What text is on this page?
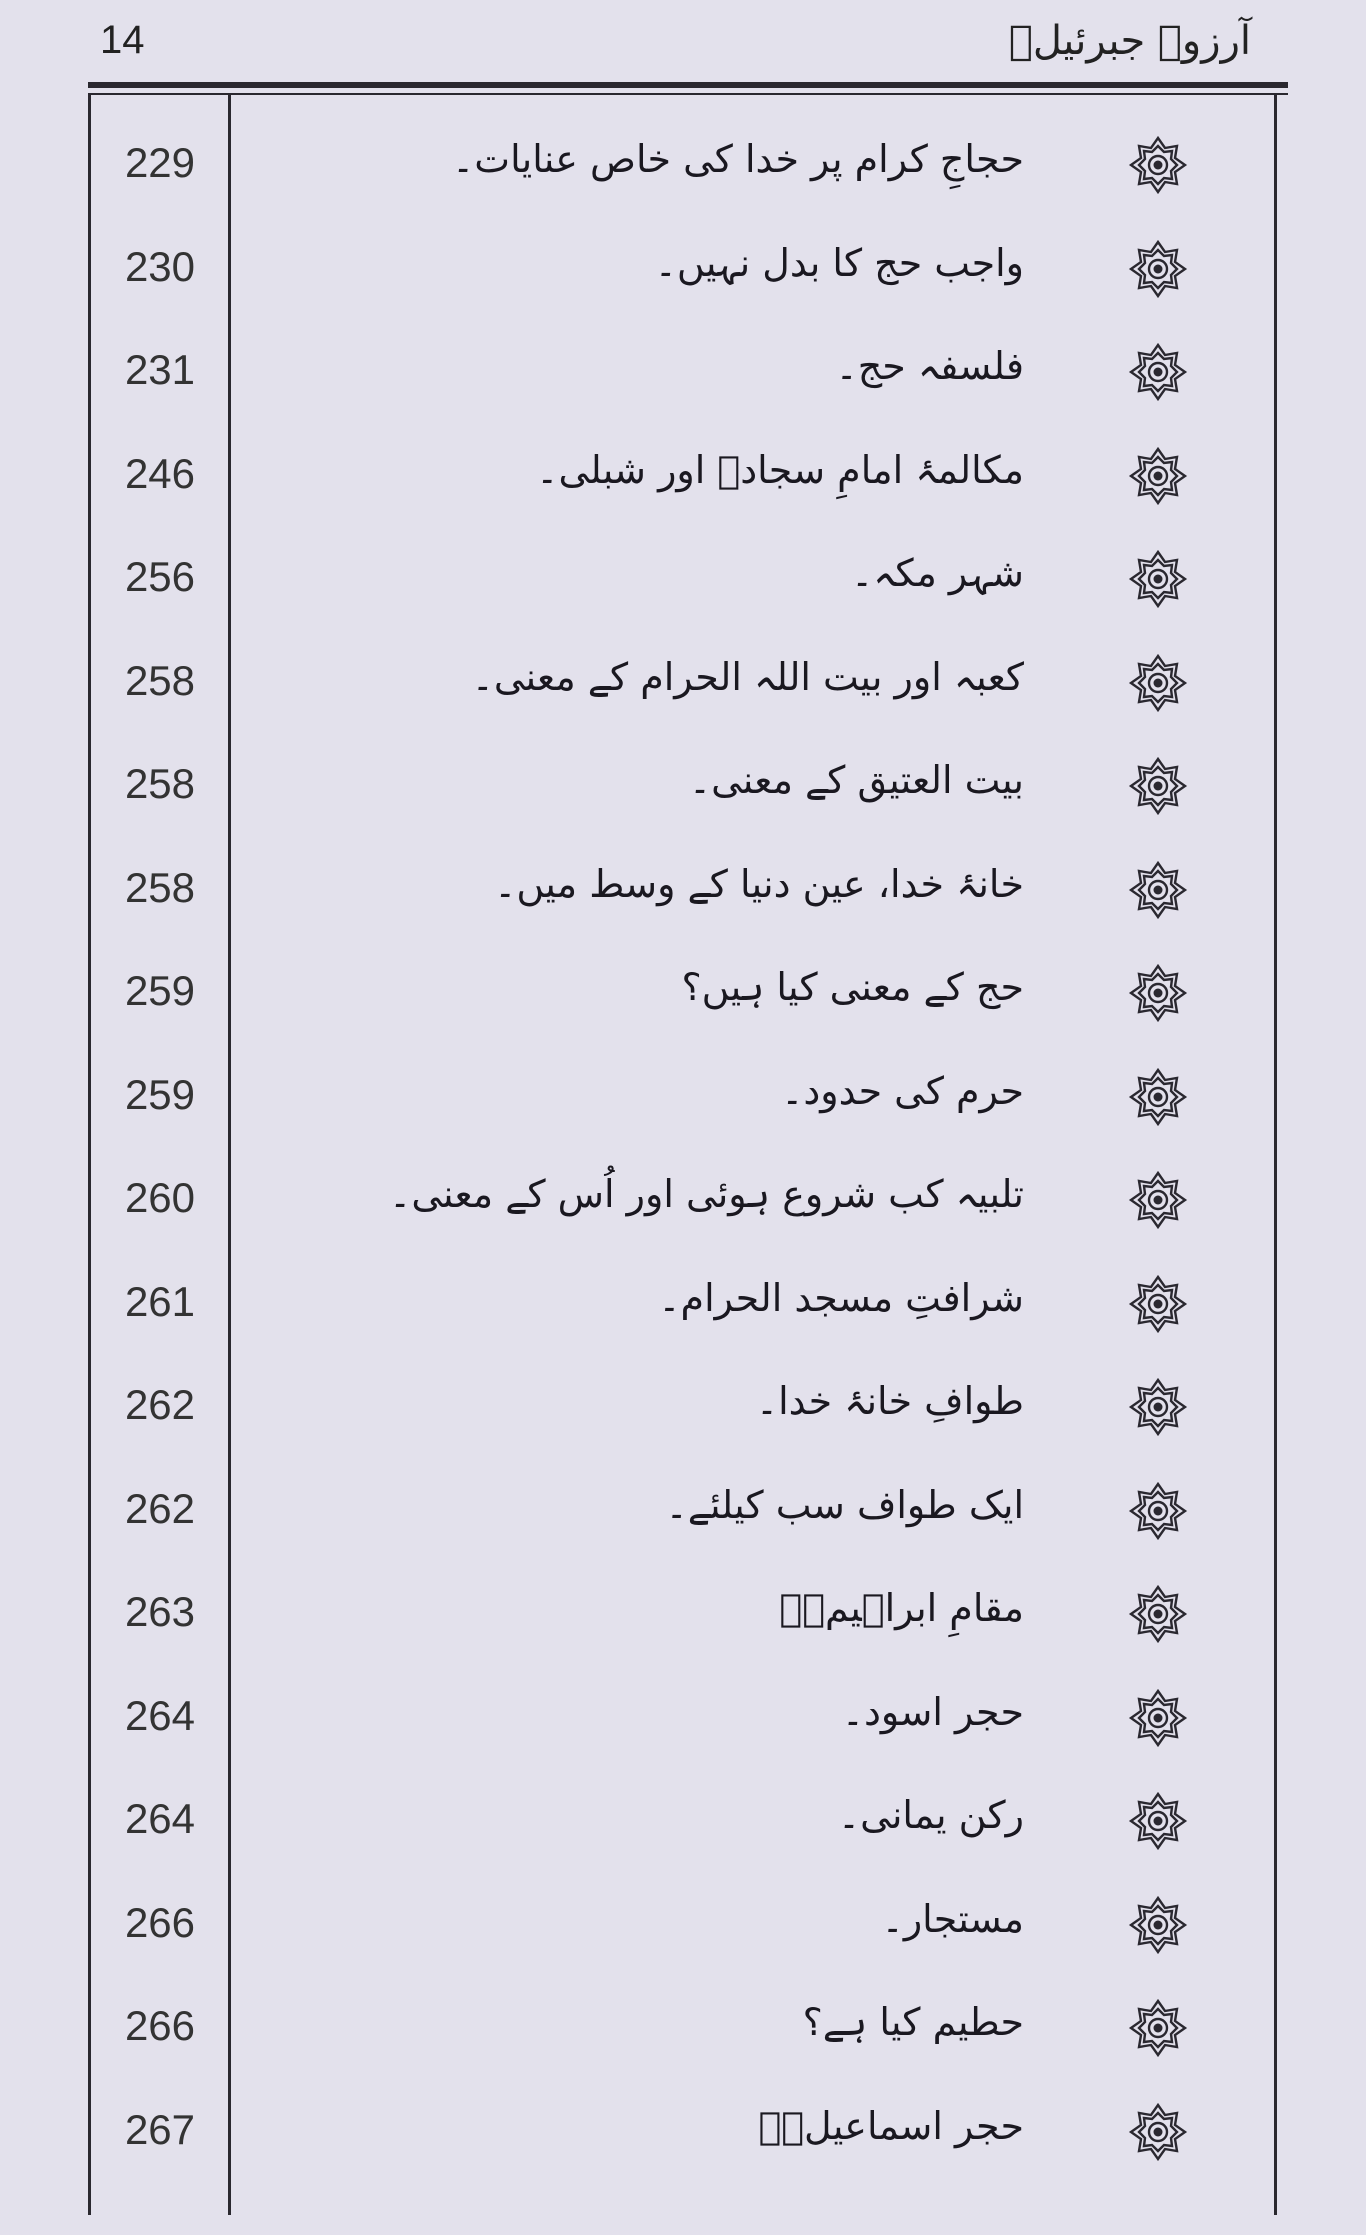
14	آرزوۓ جبرئیلؑ
229	حجاجِ کرام پر خدا کی خاص عنایات۔
230	واجب حج کا بدل نہیں۔
231	فلسفہ حج۔
246	مکالمۂ امامِ سجادؑ اور شبلی۔
256	شہر مکہ۔
258	کعبہ اور بیت اللہ الحرام کے معنی۔
258	بیت العتیق کے معنی۔
258	خانۂ خدا، عین دنیا کے وسط میں۔
259	حج کے معنی کیا ہیں؟
259	حرم کی حدود۔
260	تلبیہ کب شروع ہوئی اور اُس کے معنی۔
261	شرافتِ مسجد الحرام۔
262	طوافِ خانۂ خدا۔
262	ایک طواف سب کیلئے۔
263	مقامِ ابراہیمؑ۔
264	حجر اسود۔
264	رکن یمانی۔
266	مستجار۔
266	حطیم کیا ہے؟
267	حجر اسماعیلؑ۔
